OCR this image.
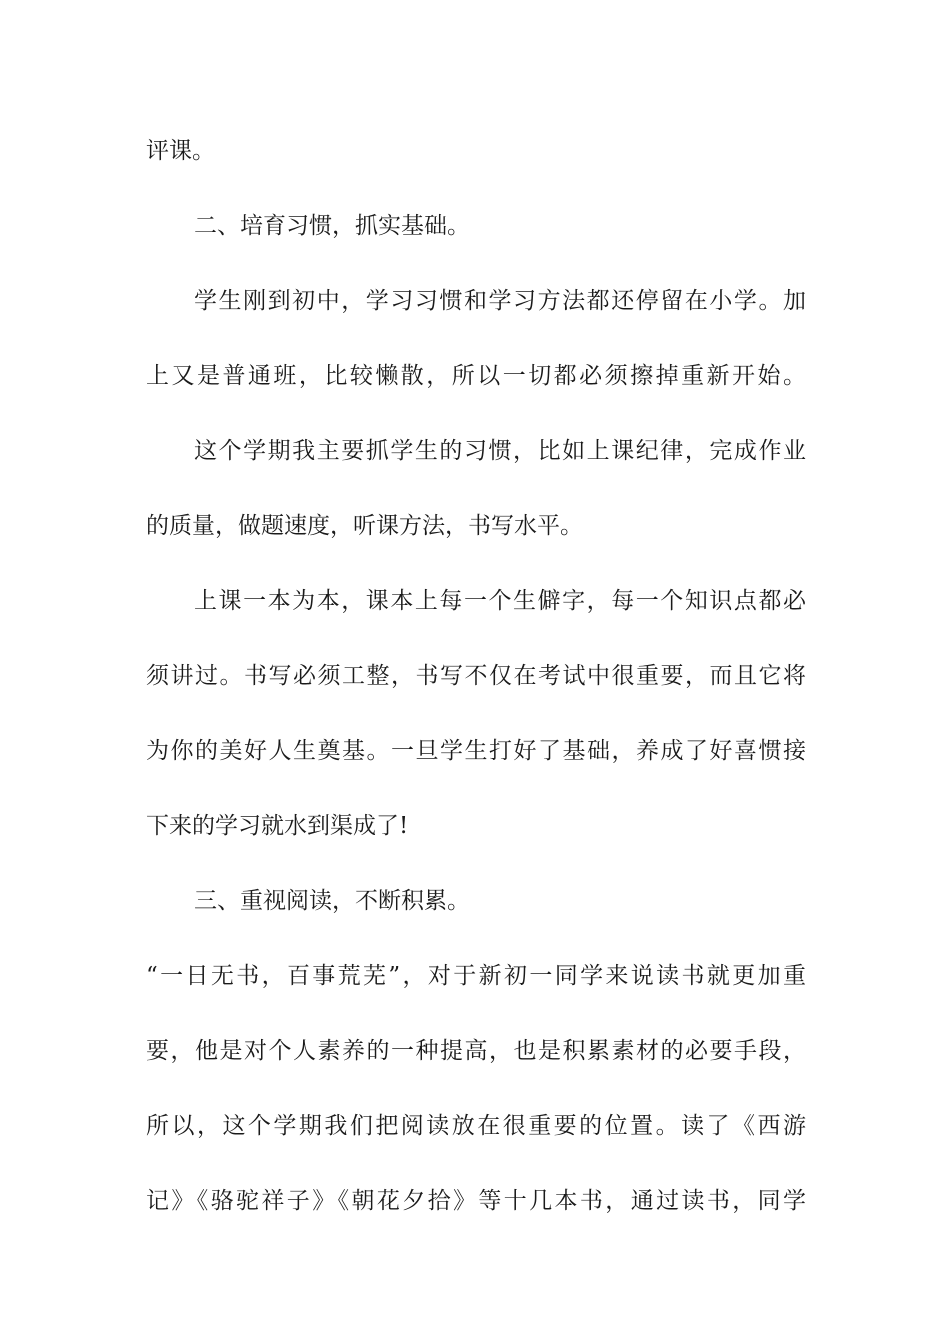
评课。
二、培育习惯，抓实基础。
学生刚到初中，学习习惯和学习方法都还停留在小学。加
上又是普通班，比较懒散，所以一切都必须擦掉重新开始。
这个学期我主要抓学生的习惯，比如上课纪律，完成作业
的质量，做题速度，听课方法，书写水平。
上课一本为本，课本上每一个生僻字，每一个知识点都必
须讲过。书写必须工整，书写不仅在考试中很重要，而且它将
为你的美好人生奠基。一旦学生打好了基础，养成了好喜惯接
下来的学习就水到渠成了!
三、重视阅读，不断积累。
“一日无书，百事荒芜”，对于新初一同学来说读书就更加重
要，他是对个人素养的一种提高，也是积累素材的必要手段，
所以，这个学期我们把阅读放在很重要的位置。读了《西游
记》《骆驼祥子》《朝花夕拾》等十几本书，通过读书，同学
